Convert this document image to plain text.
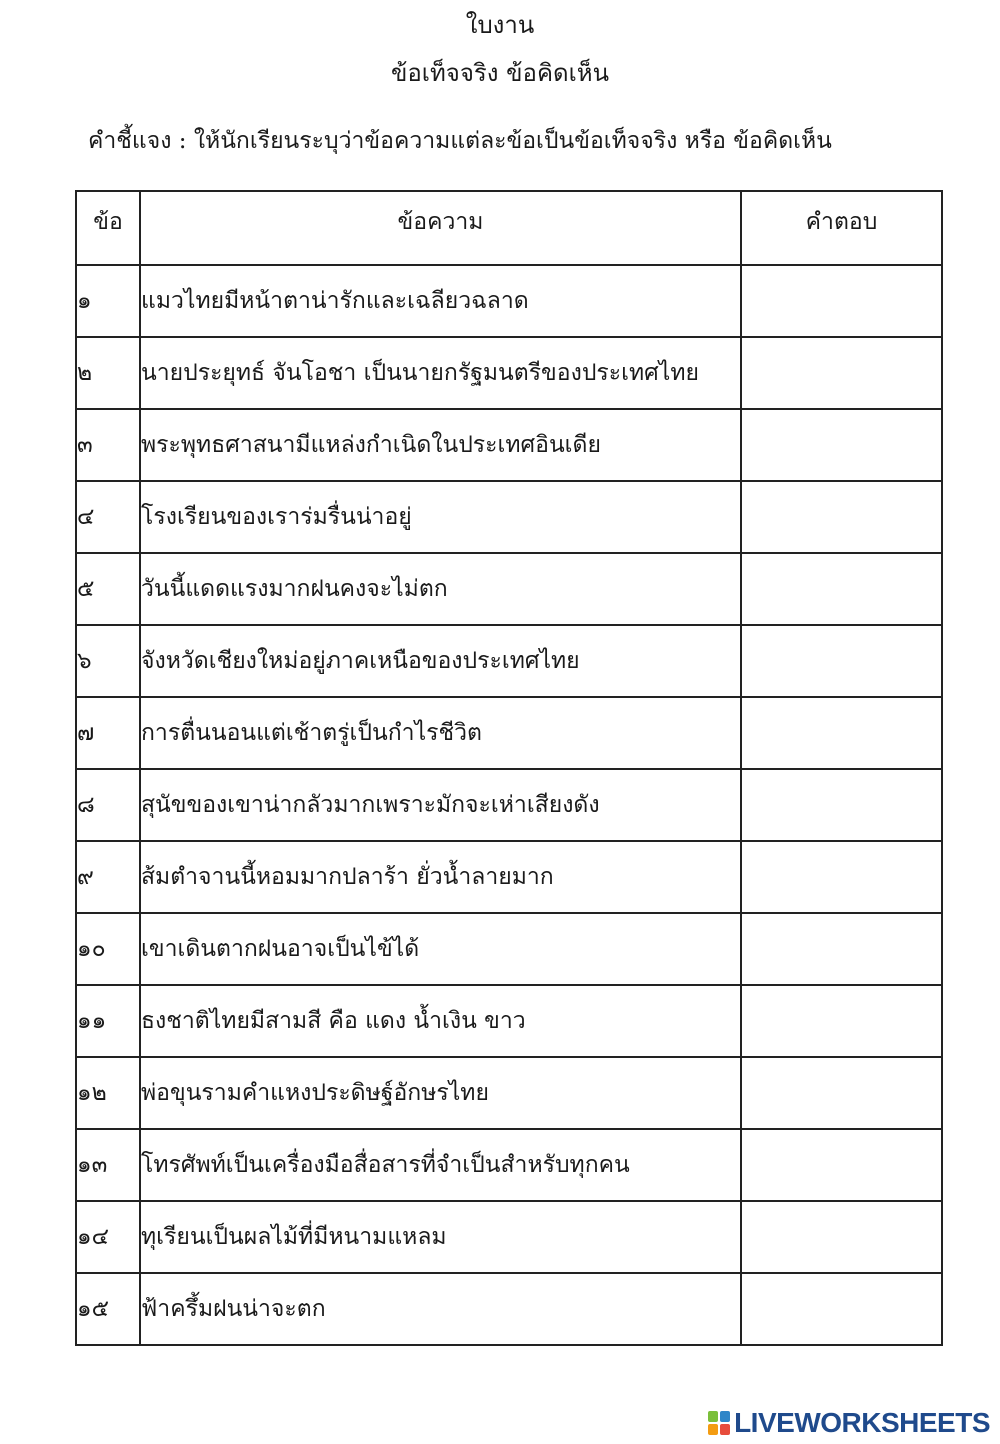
ใบงาน
ข้อเท็จจริง ข้อคิดเห็น
คำชี้แจง : ให้นักเรียนระบุว่าข้อความแต่ละข้อเป็นข้อเท็จจริง หรือ ข้อคิดเห็น
ข้อ	ข้อความ	คำตอบ
๑	แมวไทยมีหน้าตาน่ารักและเฉลียวฉลาด	
๒	นายประยุทธ์ จันโอชา เป็นนายกรัฐมนตรีของประเทศไทย	
๓	พระพุทธศาสนามีแหล่งกำเนิดในประเทศอินเดีย	
๔	โรงเรียนของเราร่มรื่นน่าอยู่	
๕	วันนี้แดดแรงมากฝนคงจะไม่ตก	
๖	จังหวัดเชียงใหม่อยู่ภาคเหนือของประเทศไทย	
๗	การตื่นนอนแต่เช้าตรู่เป็นกำไรชีวิต	
๘	สุนัขของเขาน่ากลัวมากเพราะมักจะเห่าเสียงดัง	
๙	ส้มตำจานนี้หอมมากปลาร้า ยั่วน้ำลายมาก	
๑๐	เขาเดินตากฝนอาจเป็นไข้ได้	
๑๑	ธงชาติไทยมีสามสี คือ แดง น้ำเงิน ขาว	
๑๒	พ่อขุนรามคำแหงประดิษฐ์อักษรไทย	
๑๓	โทรศัพท์เป็นเครื่องมือสื่อสารที่จำเป็นสำหรับทุกคน	
๑๔	ทุเรียนเป็นผลไม้ที่มีหนามแหลม	
๑๕	ฟ้าครึ้มฝนน่าจะตก	
LIVEWORKSHEETS
